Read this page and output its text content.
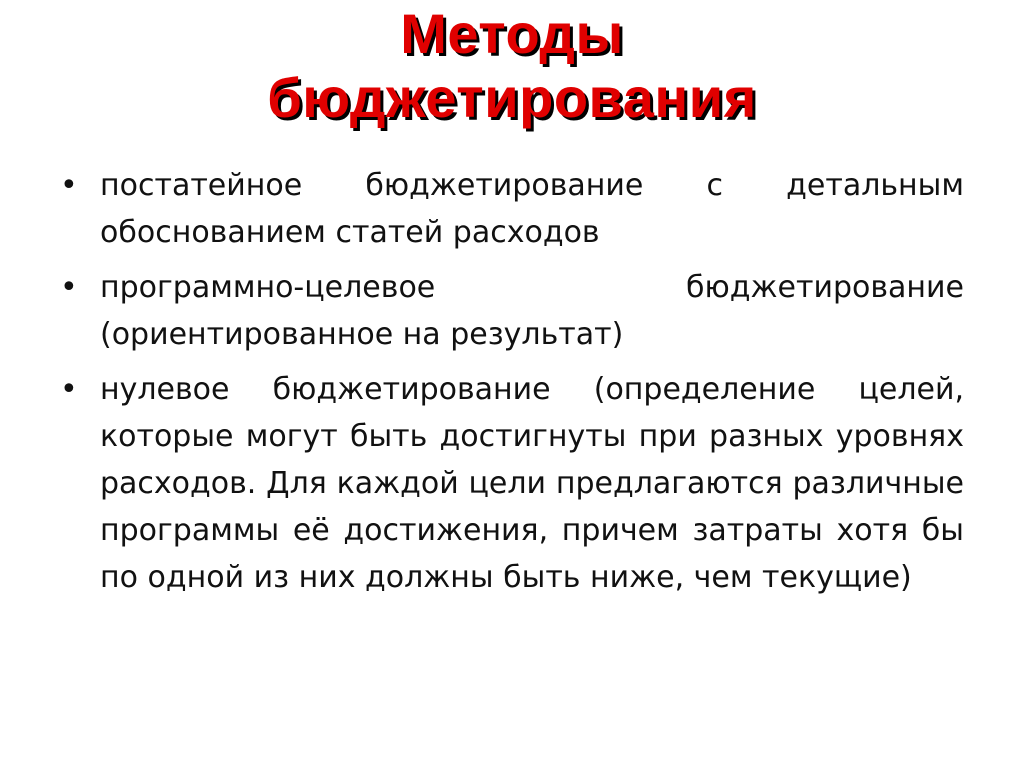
Методы
бюджетирования
• постатейное бюджетирование с детальным обоснованием статей расходов
• программно-целевое бюджетирование (ориентированное на результат)
• нулевое бюджетирование (определение целей, которые могут быть достигнуты при разных уровнях расходов. Для каждой цели предлагаются различные программы её достижения, причем затраты хотя бы по одной из них должны быть ниже, чем текущие)
